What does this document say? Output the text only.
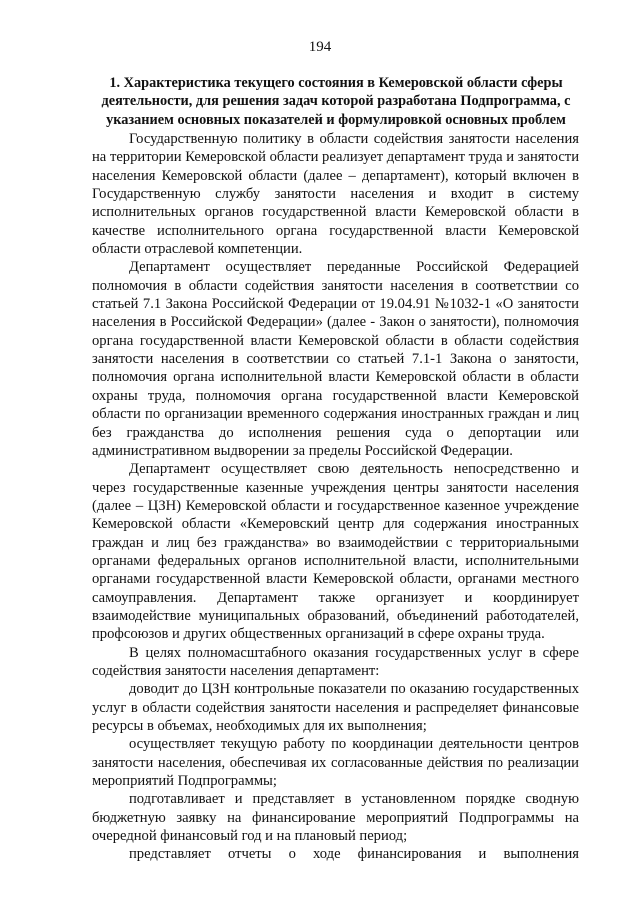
194
1. Характеристика текущего состояния в Кемеровской области сферы деятельности, для решения задач которой разработана Подпрограмма, с указанием основных показателей и формулировкой основных проблем

Государственную политику в области содействия занятости населения на территории Кемеровской области реализует департамент труда и занятости населения Кемеровской области (далее – департамент), который включен в Государственную службу занятости населения и входит в систему исполнительных органов государственной власти Кемеровской области в качестве исполнительного органа государственной власти Кемеровской области отраслевой компетенции.

Департамент осуществляет переданные Российской Федерацией полномочия в области содействия занятости населения в соответствии со статьей 7.1 Закона Российской Федерации от 19.04.91 №1032-1 «О занятости населения в Российской Федерации» (далее - Закон о занятости), полномочия органа государственной власти Кемеровской области в области содействия занятости населения в соответствии со статьей 7.1-1 Закона о занятости, полномочия органа исполнительной власти Кемеровской области в области охраны труда, полномочия органа государственной власти Кемеровской области по организации временного содержания иностранных граждан и лиц без гражданства до исполнения решения суда о депортации или административном выдворении за пределы Российской Федерации.

Департамент осуществляет свою деятельность непосредственно и через государственные казенные учреждения центры занятости населения (далее – ЦЗН) Кемеровской области и государственное казенное учреждение Кемеровской области «Кемеровский центр для содержания иностранных граждан и лиц без гражданства» во взаимодействии с территориальными органами федеральных органов исполнительной власти, исполнительными органами государственной власти Кемеровской области, органами местного самоуправления. Департамент также организует и координирует взаимодействие муниципальных образований, объединений работодателей, профсоюзов и других общественных организаций в сфере охраны труда.

В целях полномасштабного оказания государственных услуг в сфере содействия занятости населения департамент:

доводит до ЦЗН контрольные показатели по оказанию государственных услуг в области содействия занятости населения и распределяет финансовые ресурсы в объемах, необходимых для их выполнения;

осуществляет текущую работу по координации деятельности центров занятости населения, обеспечивая их согласованные действия по реализации мероприятий Подпрограммы;

подготавливает и представляет в установленном порядке сводную бюджетную заявку на финансирование мероприятий Подпрограммы на очередной финансовый год и на плановый период;

представляет отчеты о ходе финансирования и выполнения
